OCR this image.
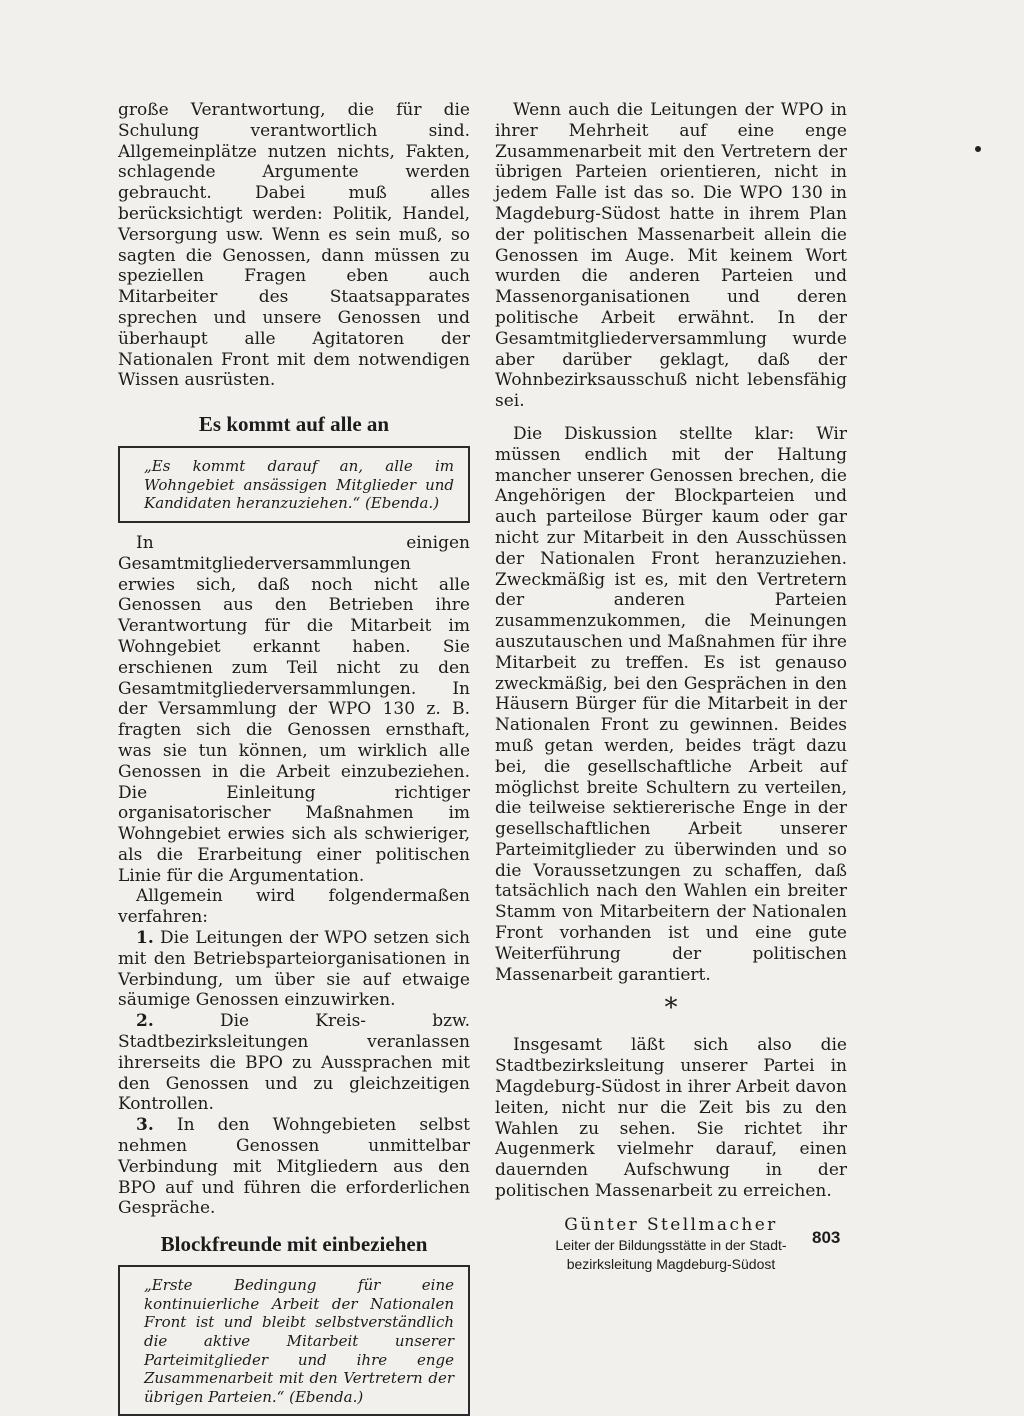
große Verantwortung, die für die Schulung verantwortlich sind. Allgemeinplätze nutzen nichts, Fakten, schlagende Argumente werden gebraucht. Dabei muß alles berücksichtigt werden: Politik, Handel, Versorgung usw. Wenn es sein muß, so sagten die Genossen, dann müssen zu speziellen Fragen eben auch Mitarbeiter des Staatsapparates sprechen und unsere Genossen und überhaupt alle Agitatoren der Nationalen Front mit dem notwendigen Wissen ausrüsten.

Es kommt auf alle an

„Es kommt darauf an, alle im Wohngebiet ansässigen Mitglieder und Kandidaten heranzuziehen.“ (Ebenda.)

In einigen Gesamtmitgliederversammlungen erwies sich, daß noch nicht alle Genossen aus den Betrieben ihre Verantwortung für die Mitarbeit im Wohngebiet erkannt haben. Sie erschienen zum Teil nicht zu den Gesamtmitgliederversammlungen. In der Versammlung der WPO 130 z. B. fragten sich die Genossen ernsthaft, was sie tun können, um wirklich alle Genossen in die Arbeit einzubeziehen. Die Einleitung richtiger organisatorischer Maßnahmen im Wohngebiet erwies sich als schwieriger, als die Erarbeitung einer politischen Linie für die Argumentation.

Allgemein wird folgendermaßen verfahren:

1. Die Leitungen der WPO setzen sich mit den Betriebsparteiorganisationen in Verbindung, um über sie auf etwaige säumige Genossen einzuwirken.

2.	Die Kreis- bzw. Stadtbezirksleitungen veranlassen ihrerseits die BPO zu Aussprachen mit den Genossen und zu gleichzeitigen Kontrollen.

3. In den Wohngebieten selbst nehmen Genossen unmittelbar Verbindung mit Mitgliedern aus den BPO auf und führen die erforderlichen Gespräche.

Blockfreunde mit einbeziehen

„Erste Bedingung für eine kontinuierliche Arbeit der Nationalen Front ist und bleibt selbstverständlich die aktive Mitarbeit unserer Parteimitglieder und ihre enge Zusammenarbeit mit den Vertretern der übrigen Parteien.“ (Ebenda.)

Wenn auch die Leitungen der WPO in ihrer Mehrheit auf eine enge Zusammenarbeit mit den Vertretern der übrigen Parteien orientieren, nicht in jedem Falle ist das so. Die WPO 130 in Magdeburg-Südost hatte in ihrem Plan der politischen Massenarbeit allein die Genossen im Auge. Mit keinem Wort wurden die anderen Parteien und Massenorganisationen und deren politische Arbeit erwähnt. In der Gesamtmitgliederversammlung wurde aber darüber geklagt, daß der Wohnbezirksausschuß nicht lebensfähig sei.

Die Diskussion stellte klar: Wir müssen endlich mit der Haltung mancher unserer Genossen brechen, die Angehörigen der Blockparteien und auch parteilose Bürger kaum oder gar nicht zur Mitarbeit in den Ausschüssen der Nationalen Front heranzuziehen. Zweckmäßig ist es, mit den Vertretern der anderen Parteien zusammenzukommen, die Meinungen auszutauschen und Maßnahmen für ihre Mitarbeit zu treffen. Es ist genauso zweckmäßig, bei den Gesprächen in den Häusern Bürger für die Mitarbeit in der Nationalen Front zu gewinnen. Beides muß getan werden, beides trägt dazu bei, die gesellschaftliche Arbeit auf möglichst breite Schultern zu verteilen, die teilweise sektiererische Enge in der gesellschaftlichen Arbeit unserer Parteimitglieder zu überwinden und so die Voraussetzungen zu schaffen, daß tatsächlich nach den Wahlen ein breiter Stamm von Mitarbeitern der Nationalen Front vorhanden ist und eine gute Weiterführung der politischen Massenarbeit garantiert.

*

Insgesamt läßt sich also die Stadtbezirksleitung unserer Partei in Magdeburg-Südost in ihrer Arbeit davon leiten, nicht nur die Zeit bis zu den Wahlen zu sehen. Sie richtet ihr Augenmerk vielmehr darauf, einen dauernden Aufschwung in der politischen Massenarbeit zu erreichen.

Günter Stellmacher
Leiter der Bildungsstätte in der Stadt-
bezirksleitung Magdeburg-Südost
803
